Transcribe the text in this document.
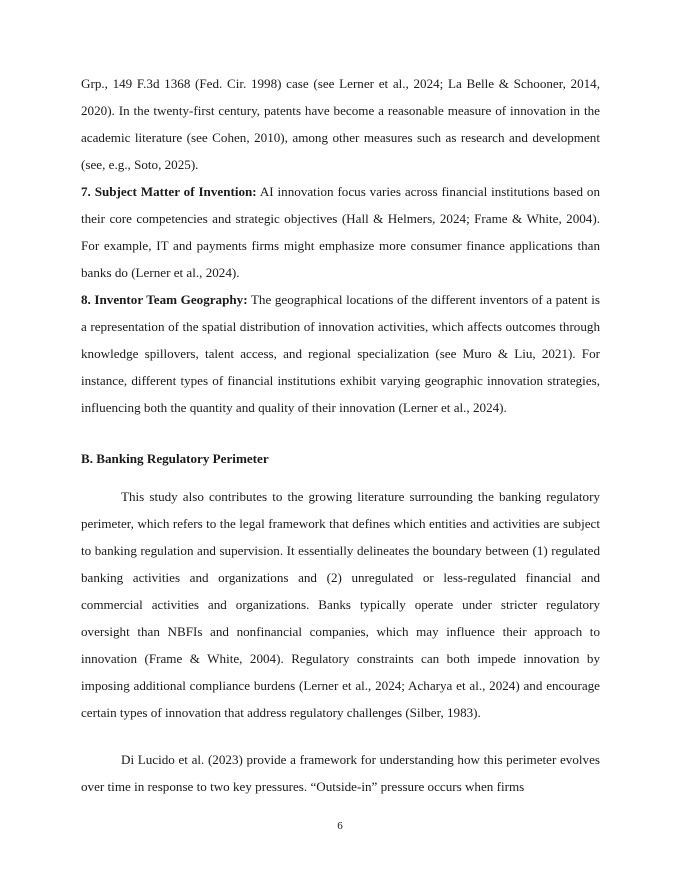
Grp., 149 F.3d 1368 (Fed. Cir. 1998) case (see Lerner et al., 2024; La Belle & Schooner, 2014, 2020). In the twenty-first century, patents have become a reasonable measure of innovation in the academic literature (see Cohen, 2010), among other measures such as research and development (see, e.g., Soto, 2025).

7. Subject Matter of Invention: AI innovation focus varies across financial institutions based on their core competencies and strategic objectives (Hall & Helmers, 2024; Frame & White, 2004). For example, IT and payments firms might emphasize more consumer finance applications than banks do (Lerner et al., 2024).

8. Inventor Team Geography: The geographical locations of the different inventors of a patent is a representation of the spatial distribution of innovation activities, which affects outcomes through knowledge spillovers, talent access, and regional specialization (see Muro & Liu, 2021). For instance, different types of financial institutions exhibit varying geographic innovation strategies, influencing both the quantity and quality of their innovation (Lerner et al., 2024).

B. Banking Regulatory Perimeter

This study also contributes to the growing literature surrounding the banking regulatory perimeter, which refers to the legal framework that defines which entities and activities are subject to banking regulation and supervision. It essentially delineates the boundary between (1) regulated banking activities and organizations and (2) unregulated or less-regulated financial and commercial activities and organizations. Banks typically operate under stricter regulatory oversight than NBFIs and nonfinancial companies, which may influence their approach to innovation (Frame & White, 2004). Regulatory constraints can both impede innovation by imposing additional compliance burdens (Lerner et al., 2024; Acharya et al., 2024) and encourage certain types of innovation that address regulatory challenges (Silber, 1983).

Di Lucido et al. (2023) provide a framework for understanding how this perimeter evolves over time in response to two key pressures. “Outside-in” pressure occurs when firms

6
